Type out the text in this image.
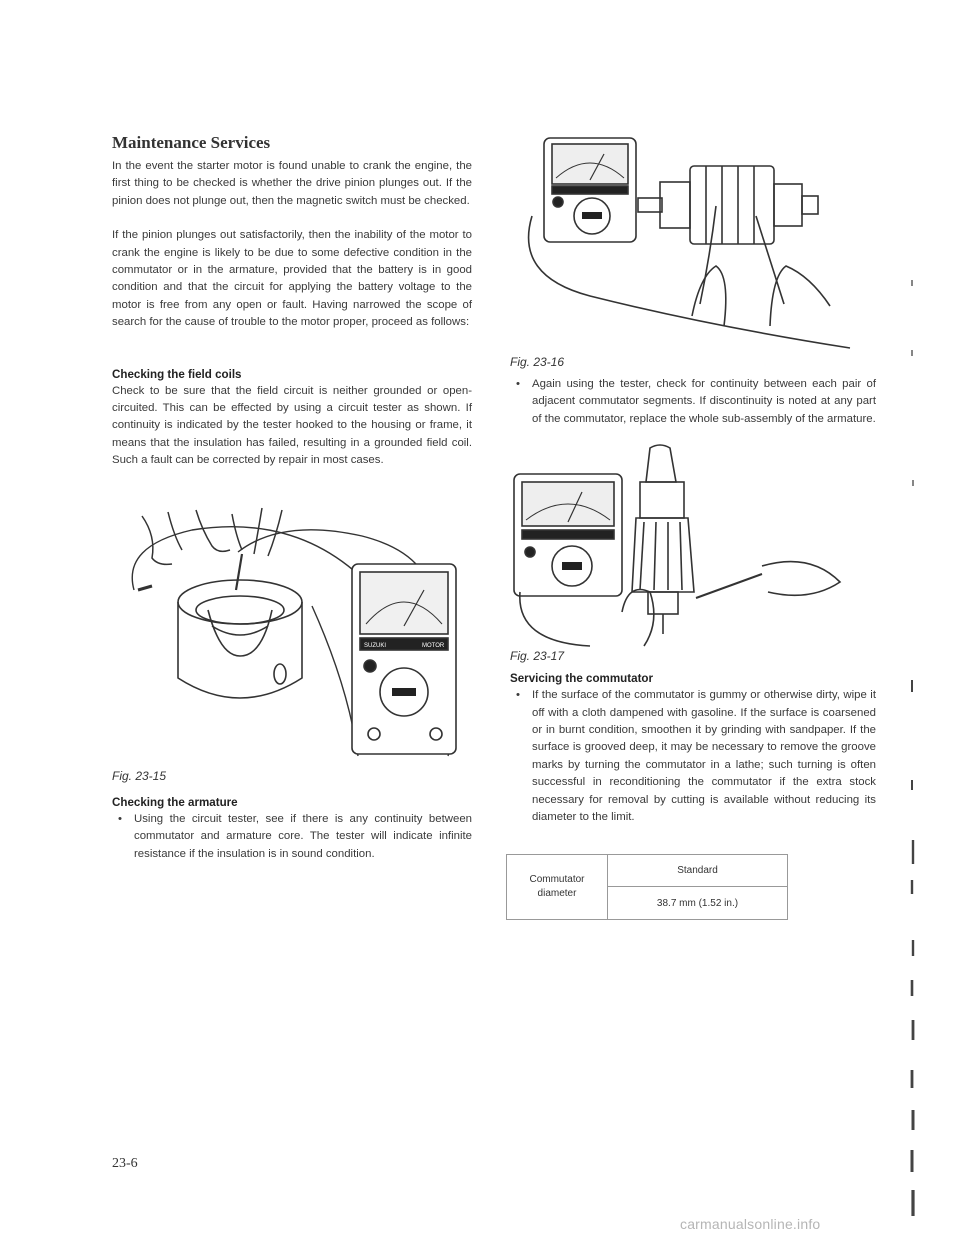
Maintenance Services

In the event the starter motor is found unable to crank the engine, the first thing to be checked is whether the drive pinion plunges out. If the pinion does not plunge out, then the magnetic switch must be checked.

If the pinion plunges out satisfactorily, then the inability of the motor to crank the engine is likely to be due to some defective condition in the commutator or in the armature, provided that the battery is in good condition and that the circuit for applying the battery voltage to the motor is free from any open or fault. Having narrowed the scope of search for the cause of trouble to the motor proper, proceed as follows:

Checking the field coils

Check to be sure that the field circuit is neither grounded or open-circuited. This can be effected by using a circuit tester as shown. If continuity is indicated by the tester hooked to the housing or frame, it means that the insulation has failed, resulting in a grounded field coil. Such a fault can be corrected by repair in most cases.

SUZUKI	MOTOR

Fig. 23-15

Checking the armature

•	Using the circuit tester, see if there is any continuity between commutator and armature core. The tester will indicate infinite resistance if the insulation is in sound condition.

Fig. 23-16

•	Again using the tester, check for continuity between each pair of adjacent commutator segments. If discontinuity is noted at any part of the commutator, replace the whole sub-assembly of the armature.

Fig. 23-17

Servicing the commutator

•	If the surface of the commutator is gummy or otherwise dirty, wipe it off with a cloth dampened with gasoline. If the surface is coarsened or in burnt condition, smoothen it by grinding with sandpaper. If the surface is grooved deep, it may be necessary to remove the groove marks by turning the commutator in a lathe; such turning is often successful in reconditioning the commutator if the extra stock necessary for removal by cutting is available without reducing its diameter to the limit.
Commutator
diameter	Standard
38.7 mm (1.52 in.)
23-6
carmanualsonline.info
